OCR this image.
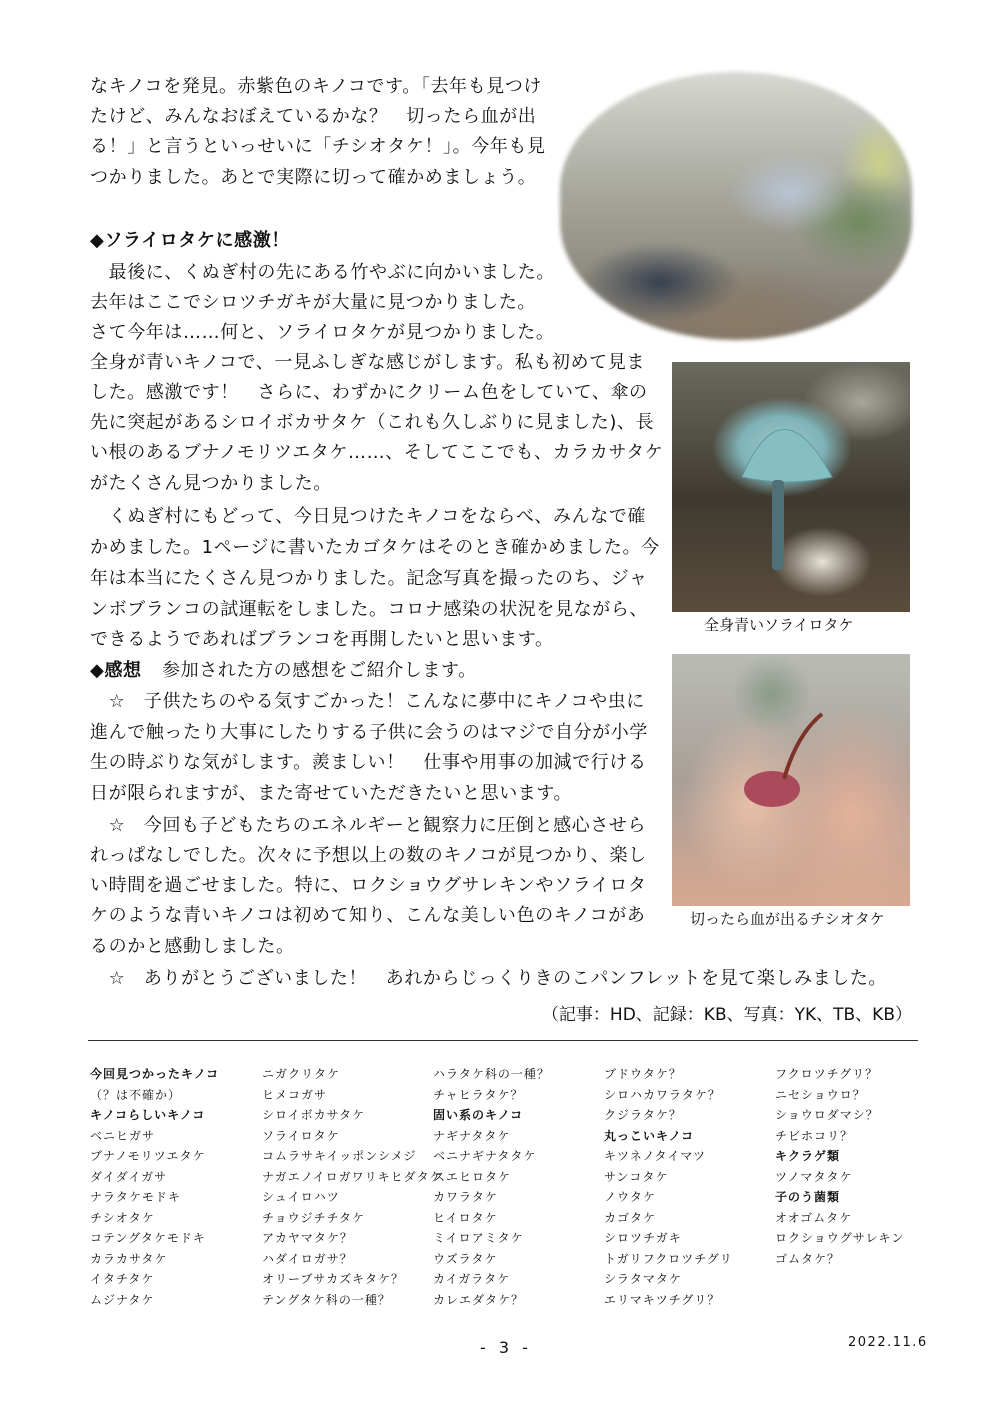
全身青いソライロタケ
切ったら血が出るチシオタケ
なキノコを発見。赤紫色のキノコです。「去年も見つけ
たけど、みんなおぼえているかな？　切ったら血が出
る！」と言うといっせいに「チシオタケ！」。今年も見
つかりました。あとで実際に切って確かめましょう。
◆ソライロタケに感激！
　最後に、くぬぎ村の先にある竹やぶに向かいました。
去年はここでシロツチガキが大量に見つかりました。
さて今年は……何と、ソライロタケが見つかりました。
全身が青いキノコで、一見ふしぎな感じがします。私も初めて見ま
した。感激です！　さらに、わずかにクリーム色をしていて、傘の
先に突起があるシロイボカサタケ（これも久しぶりに見ました)、長
い根のあるブナノモリツエタケ……、そしてここでも、カラカサタケ
がたくさん見つかりました。
　くぬぎ村にもどって、今日見つけたキノコをならべ、みんなで確
かめました。1ページに書いたカゴタケはそのとき確かめました。今
年は本当にたくさん見つかりました。記念写真を撮ったのち、ジャ
ンボブランコの試運転をしました。コロナ感染の状況を見ながら、
できるようであればブランコを再開したいと思います。
◆感想 参加された方の感想をご紹介します。
　☆　子供たちのやる気すごかった！こんなに夢中にキノコや虫に
進んで触ったり大事にしたりする子供に会うのはマジで自分が小学
生の時ぶりな気がします。羨ましい！　仕事や用事の加減で行ける
日が限られますが、また寄せていただきたいと思います。
　☆　今回も子どもたちのエネルギーと観察力に圧倒と感心させら
れっぱなしでした。次々に予想以上の数のキノコが見つかり、楽し
い時間を過ごせました。特に、ロクショウグサレキンやソライロタ
ケのような青いキノコは初めて知り、こんな美しい色のキノコがあ
るのかと感動しました。
　☆　ありがとうございました！　あれからじっくりきのこパンフレットを見て楽しみました。
（記事：HD、記録：KB、写真：YK、TB、KB）
今回見つかったキノコ
（？は不確か）
キノコらしいキノコ
ベニヒガサ
ブナノモリツエタケ
ダイダイガサ
ナラタケモドキ
チシオタケ
コテングタケモドキ
カラカサタケ
イタチタケ
ムジナタケ
ニガクリタケ
ヒメコガサ
シロイボカサタケ
ソライロタケ
コムラサキイッポンシメジ
ナガエノイロガワリキヒダタケ
シュイロハツ
チョウジチチタケ
アカヤマタケ？
ハダイロガサ？
オリーブサカズキタケ？
テングタケ科の一種？
ハラタケ科の一種？
チャヒラタケ？
固い系のキノコ
ナギナタタケ
ベニナギナタタケ
スエヒロタケ
カワラタケ
ヒイロタケ
ミイロアミタケ
ウズラタケ
カイガラタケ
カレエダタケ？
ブドウタケ？
シロハカワラタケ？
クジラタケ？
丸っこいキノコ
キツネノタイマツ
サンコタケ
ノウタケ
カゴタケ
シロツチガキ
トガリフクロツチグリ
シラタマタケ
エリマキツチグリ？
フクロツチグリ？
ニセショウロ？
ショウロダマシ？
チビホコリ？
キクラゲ類
ツノマタタケ
子のう菌類
オオゴムタケ
ロクショウグサレキン
ゴムタケ？
- 3 -	2022.11.6
